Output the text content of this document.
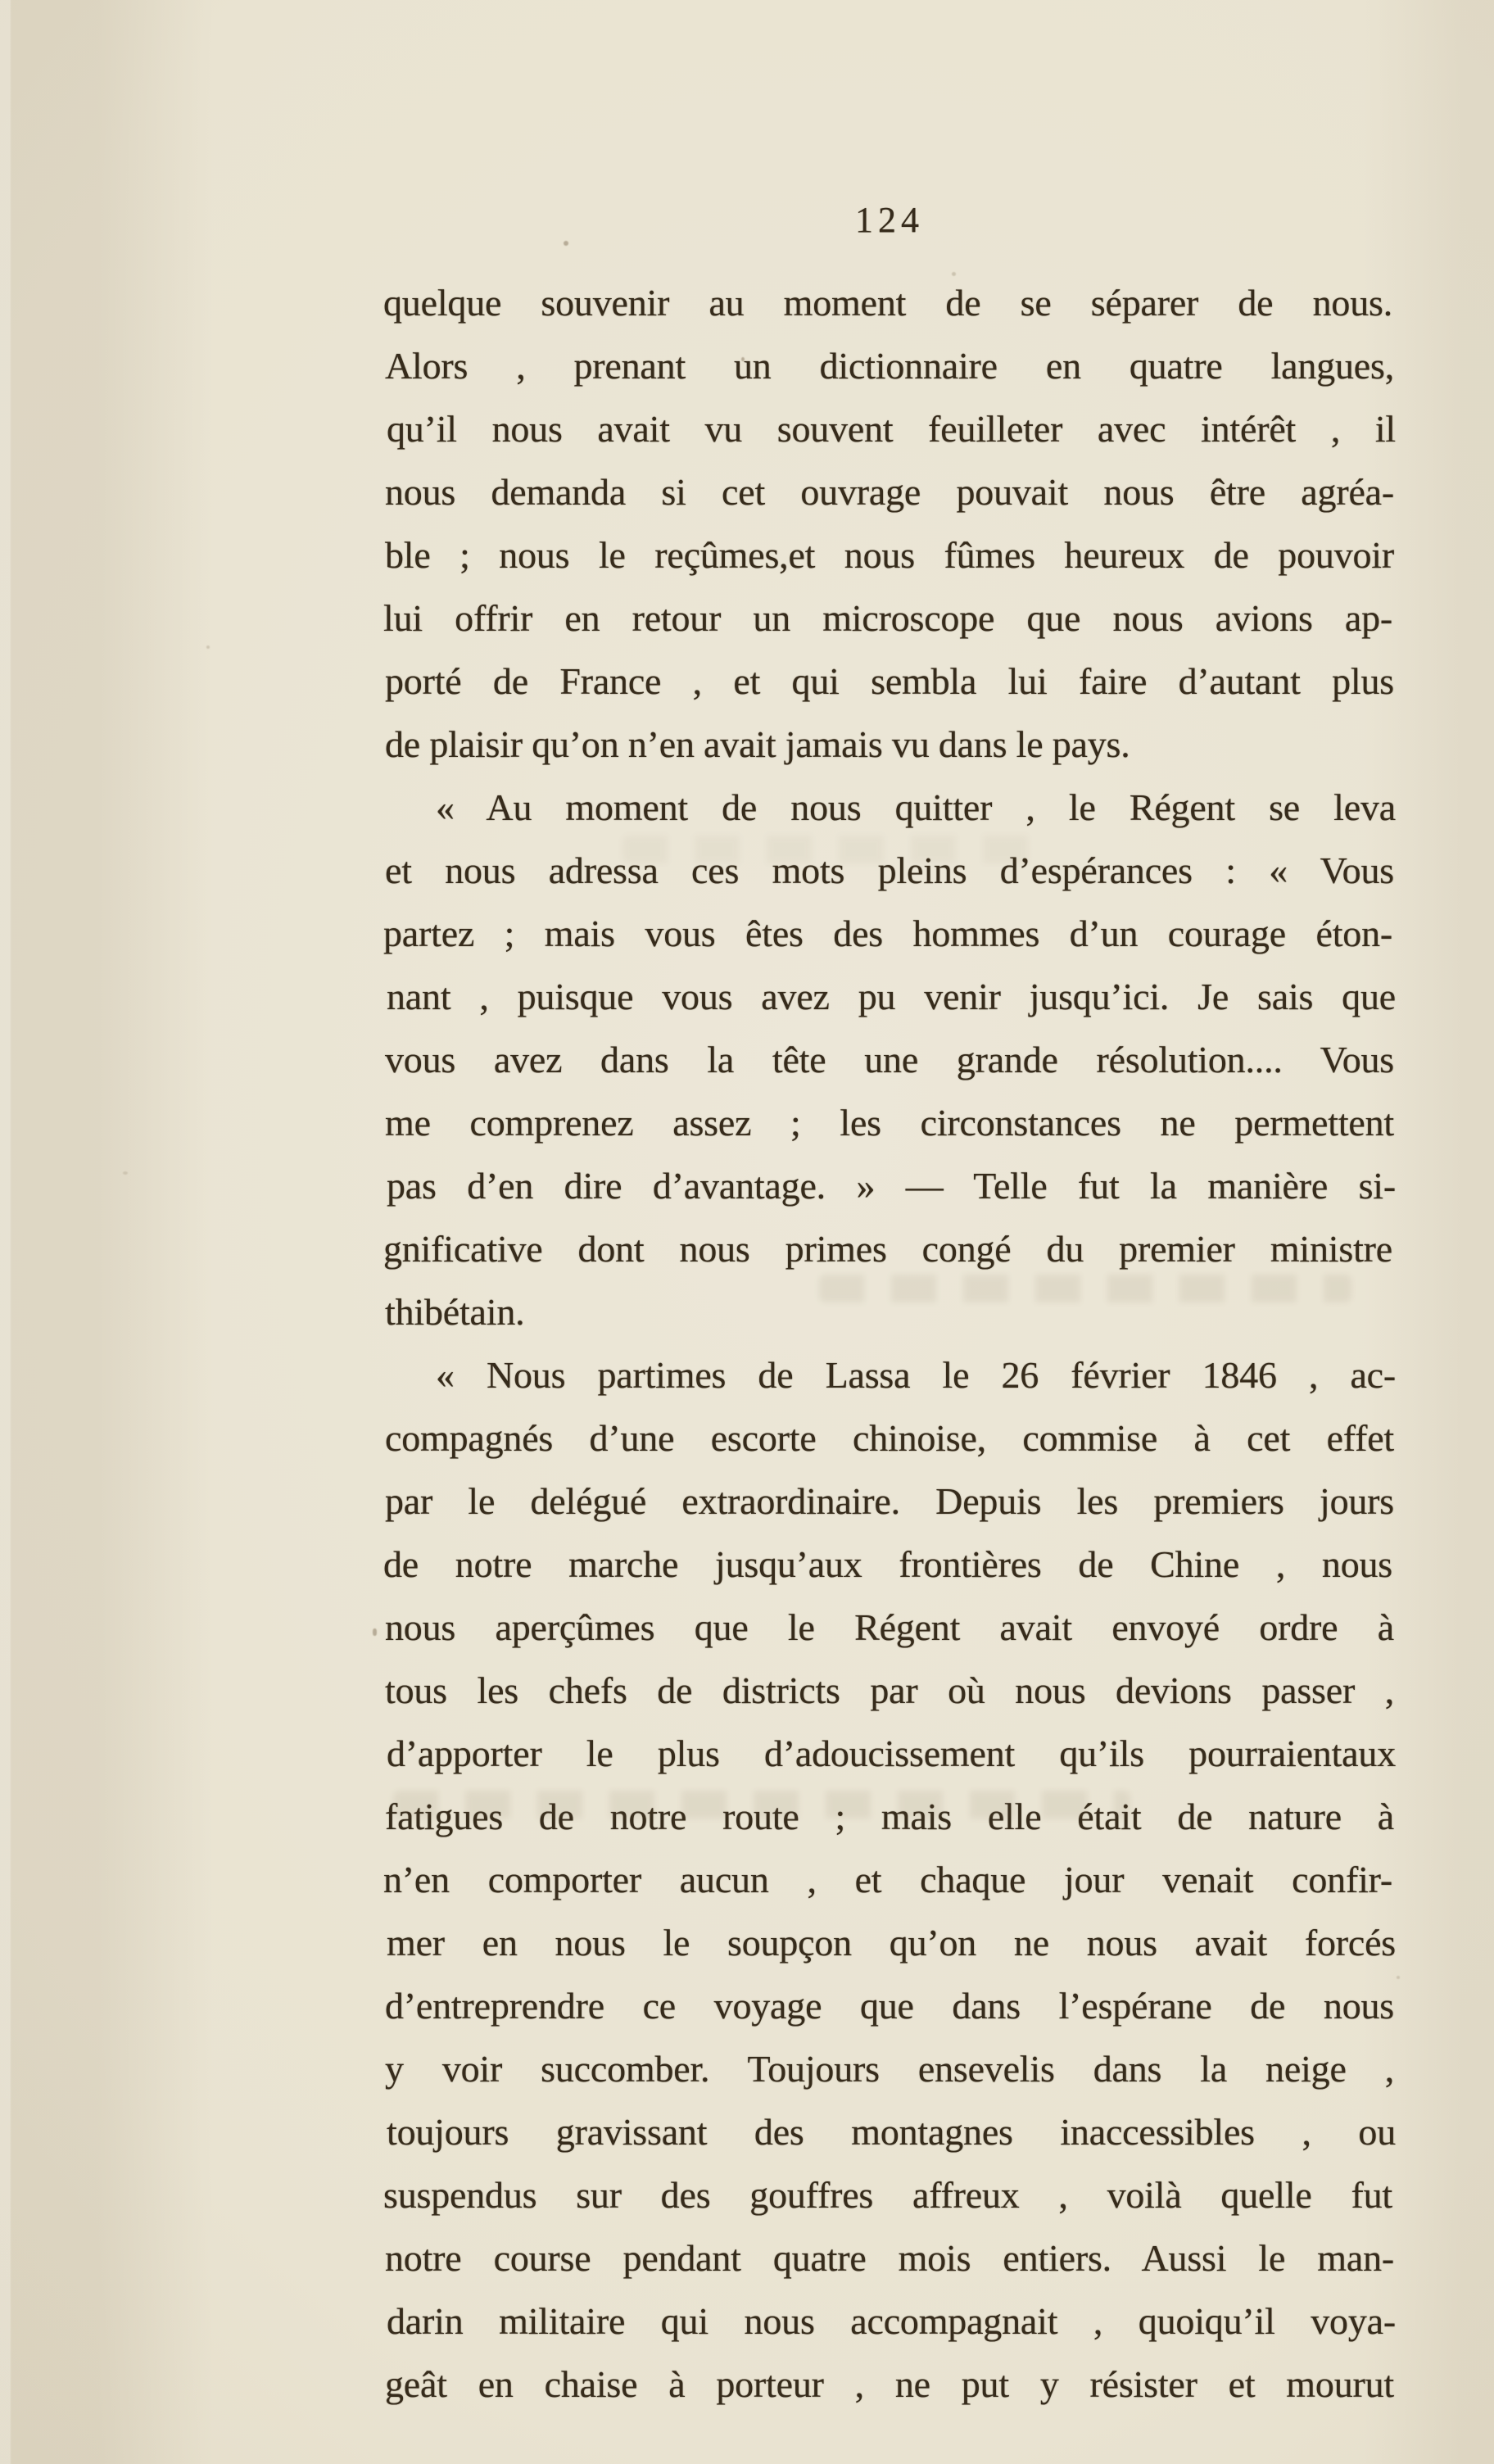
124
quelque souvenir au moment de se séparer de nous.
Alors , prenant un dictionnaire en quatre langues,
qu’il nous avait vu souvent feuilleter avec intérêt , il
nous demanda si cet ouvrage pouvait nous être agréa-
ble ; nous le reçûmes,et nous fûmes heureux de pouvoir
lui offrir en retour un microscope que nous avions ap-
porté de France , et qui sembla lui faire d’autant plus
de plaisir qu’on n’en avait jamais vu dans le pays.
« Au moment de nous quitter , le Régent se leva
et nous adressa ces mots pleins d’espérances : « Vous
partez ; mais vous êtes des hommes d’un courage éton-
nant , puisque vous avez pu venir jusqu’ici. Je sais que
vous avez dans la tête une grande résolution.... Vous
me comprenez assez ; les circonstances ne permettent
pas d’en dire d’avantage. » — Telle fut la manière si-
gnificative dont nous primes congé du premier ministre
thibétain.
« Nous partimes de Lassa le 26 février 1846 , ac-
compagnés d’une escorte chinoise, commise à cet effet
par le delégué extraordinaire. Depuis les premiers jours
de notre marche jusqu’aux frontières de Chine , nous
nous aperçûmes que le Régent avait envoyé ordre à
tous les chefs de districts par où nous devions passer ,
d’apporter le plus d’adoucissement qu’ils pourraientaux
fatigues de notre route ; mais elle était de nature à
n’en comporter aucun , et chaque jour venait confir-
mer en nous le soupçon qu’on ne nous avait forcés
d’entreprendre ce voyage que dans l’espérane de nous
y voir succomber. Toujours ensevelis dans la neige ,
toujours gravissant des montagnes inaccessibles , ou
suspendus sur des gouffres affreux , voilà quelle fut
notre course pendant quatre mois entiers. Aussi le man-
darin militaire qui nous accompagnait , quoiqu’il voya-
geât en chaise à porteur , ne put y résister et mourut
